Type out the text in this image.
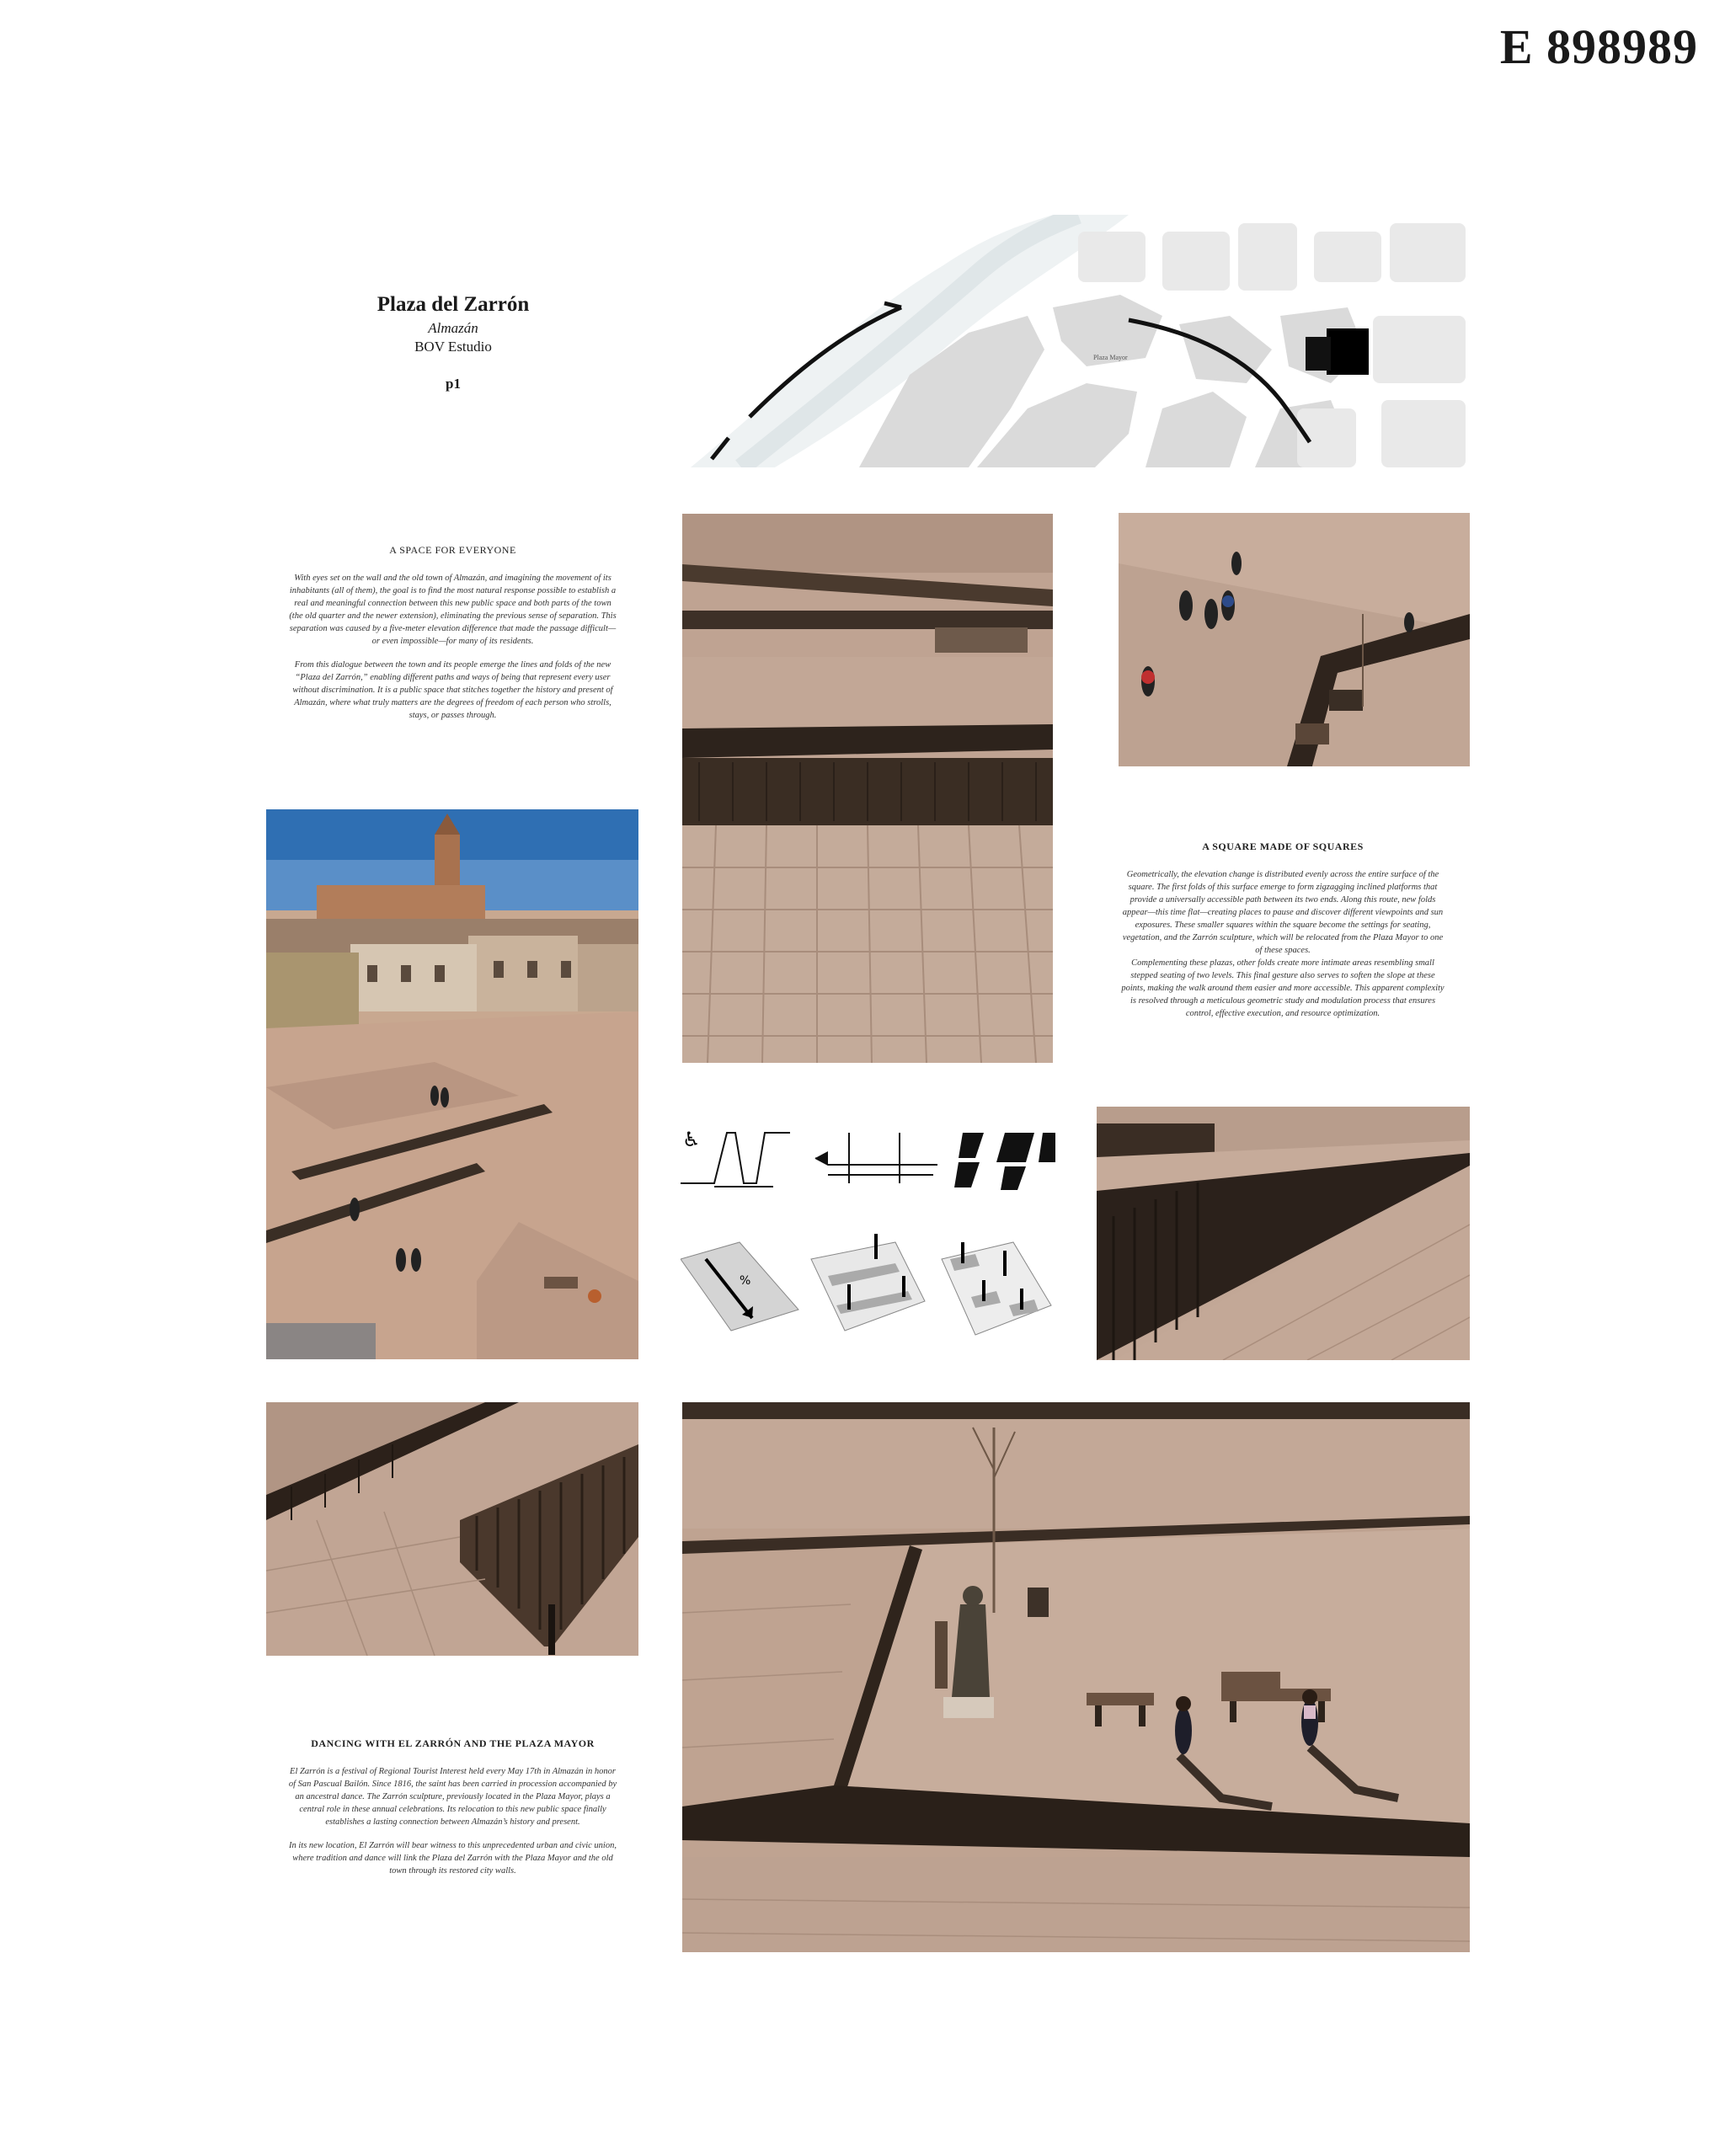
E 898989
Plaza del Zarrón
Almazán
BOV Estudio
p1
Plaza Mayor
A SPACE FOR EVERYONE

With eyes set on the wall and the old town of Almazán, and imagining the movement of its inhabitants (all of them), the goal is to find the most natural response possible to establish a real and meaningful connection between this new public space and both parts of the town (the old quarter and the newer extension), eliminating the previous sense of separation. This separation was caused by a five-meter elevation difference that made the passage difficult—or even impossible—for many of its residents.

From this dialogue between the town and its people emerge the lines and folds of the new “Plaza del Zarrón,” enabling different paths and ways of being that represent every user without discrimination. It is a public space that stitches together the history and present of Almazán, where what truly matters are the degrees of freedom of each person who strolls, stays, or passes through.

A SQUARE MADE OF SQUARES

Geometrically, the elevation change is distributed evenly across the entire surface of the square. The first folds of this surface emerge to form zigzagging inclined platforms that provide a universally accessible path between its two ends. Along this route, new folds appear—this time flat—creating places to pause and discover different viewpoints and sun exposures. These smaller squares within the square become the settings for seating, vegetation, and the Zarrón sculpture, which will be relocated from the Plaza Mayor to one of these spaces.

Complementing these plazas, other folds create more intimate areas resembling small stepped seating of two levels. This final gesture also serves to soften the slope at these points, making the walk around them easier and more accessible. This apparent complexity is resolved through a meticulous geometric study and modulation process that ensures control, effective execution, and resource optimization.

♿
%
DANCING WITH EL ZARRÓN AND THE PLAZA MAYOR

El Zarrón is a festival of Regional Tourist Interest held every May 17th in Almazán in honor of San Pascual Bailón. Since 1816, the saint has been carried in procession accompanied by an ancestral dance. The Zarrón sculpture, previously located in the Plaza Mayor, plays a central role in these annual celebrations. Its relocation to this new public space finally establishes a lasting connection between Almazán’s history and present.

In its new location, El Zarrón will bear witness to this unprecedented urban and civic union, where tradition and dance will link the Plaza del Zarrón with the Plaza Mayor and the old town through its restored city walls.
